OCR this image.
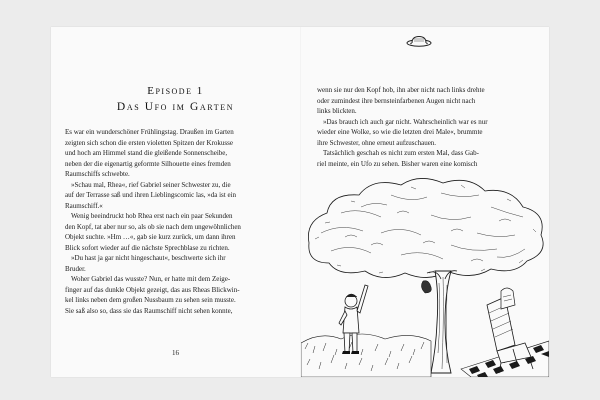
Episode 1
Das Ufo im Garten
Es war ein wunderschöner Frühlingstag. Draußen im Garten
zeigten sich schon die ersten violetten Spitzen der Krokusse
und hoch am Himmel stand die gleißende Sonnenscheibe,
neben der die eigenartig geformte Silhouette eines fremden
Raumschiffs schwebte.
»Schau mal, Rhea«, rief Gabriel seiner Schwester zu, die
auf der Terrasse saß und ihren Lieblingscomic las, »da ist ein
Raumschiff.«
Wenig beeindruckt hob Rhea erst nach ein paar Sekunden
den Kopf, tat aber nur so, als ob sie nach dem ungewöhnlichen
Objekt suchte. »Hm …«, gab sie kurz zurück, um dann ihren
Blick sofort wieder auf die nächste Sprechblase zu richten.
»Du hast ja gar nicht hingeschaut«, beschwerte sich ihr
Bruder.
Woher Gabriel das wusste? Nun, er hatte mit dem Zeige-
finger auf das dunkle Objekt gezeigt, das aus Rheas Blickwin-
kel links neben dem großen Nussbaum zu sehen sein musste.
Sie saß also so, dass sie das Raumschiff nicht sehen konnte,
16
wenn sie nur den Kopf hob, ihn aber nicht nach links drehte
oder zumindest ihre bernsteinfarbenen Augen nicht nach
links blickten.
»Das brauch ich auch gar nicht. Wahrscheinlich war es nur
wieder eine Wolke, so wie die letzten drei Male«, brummte
ihre Schwester, ohne erneut aufzuschauen.
Tatsächlich geschah es nicht zum ersten Mal, dass Gab-
riel meinte, ein Ufo zu sehen. Bisher waren eine komisch
